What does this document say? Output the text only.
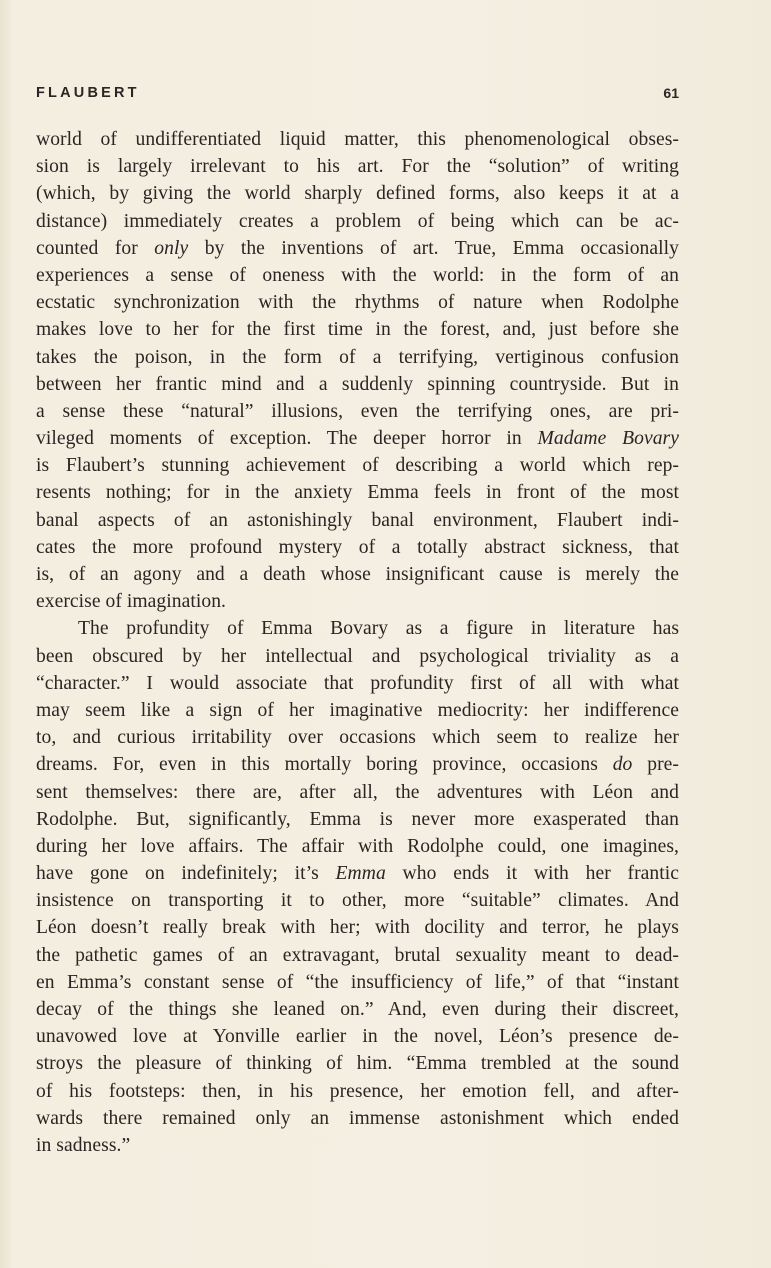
FLAUBERT	61
world of undifferentiated liquid matter, this phenomenological obses-
sion is largely irrelevant to his art. For the “solution” of writing
(which, by giving the world sharply defined forms, also keeps it at a
distance) immediately creates a problem of being which can be ac-
counted for only by the inventions of art. True, Emma occasionally
experiences a sense of oneness with the world: in the form of an
ecstatic synchronization with the rhythms of nature when Rodolphe
makes love to her for the first time in the forest, and, just before she
takes the poison, in the form of a terrifying, vertiginous confusion
between her frantic mind and a suddenly spinning countryside. But in
a sense these “natural” illusions, even the terrifying ones, are pri-
vileged moments of exception. The deeper horror in Madame Bovary
is Flaubert’s stunning achievement of describing a world which rep-
resents nothing; for in the anxiety Emma feels in front of the most
banal aspects of an astonishingly banal environment, Flaubert indi-
cates the more profound mystery of a totally abstract sickness, that
is, of an agony and a death whose insignificant cause is merely the
exercise of imagination.
The profundity of Emma Bovary as a figure in literature has
been obscured by her intellectual and psychological triviality as a
“character.” I would associate that profundity first of all with what
may seem like a sign of her imaginative mediocrity: her indifference
to, and curious irritability over occasions which seem to realize her
dreams. For, even in this mortally boring province, occasions do pre-
sent themselves: there are, after all, the adventures with Léon and
Rodolphe. But, significantly, Emma is never more exasperated than
during her love affairs. The affair with Rodolphe could, one imagines,
have gone on indefinitely; it’s Emma who ends it with her frantic
insistence on transporting it to other, more “suitable” climates. And
Léon doesn’t really break with her; with docility and terror, he plays
the pathetic games of an extravagant, brutal sexuality meant to dead-
en Emma’s constant sense of “the insufficiency of life,” of that “instant
decay of the things she leaned on.” And, even during their discreet,
unavowed love at Yonville earlier in the novel, Léon’s presence de-
stroys the pleasure of thinking of him. “Emma trembled at the sound
of his footsteps: then, in his presence, her emotion fell, and after-
wards there remained only an immense astonishment which ended
in sadness.”
